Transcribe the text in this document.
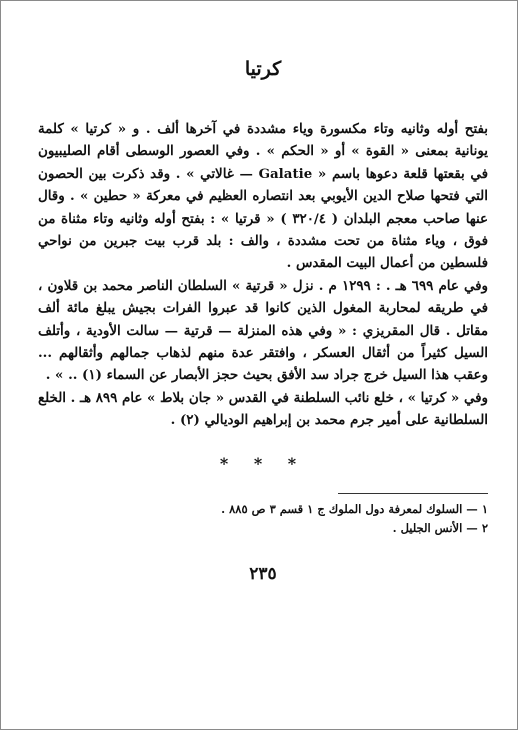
كرتيا

بفتح أوله وثانيه وتاء مكسورة وياء مشددة في آخرها ألف . و « كرتيا » كلمة يونانية بمعنى « القوة » أو « الحكم » . وفي العصور الوسطى أقام الصليبيون في بقعتها قلعة دعوها باسم « Galatie — غالاتي » . وقد ذكرت بين الحصون التي فتحها صلاح الدين الأيوبي بعد انتصاره العظيم في معركة « حطين » . وقال عنها صاحب معجم البلدان ( ٣٢٠/٤ ) « قرتيا » : بفتح أوله وثانيه وتاء مثناة من فوق ، وياء مثناة من تحت مشددة ، والف : بلد قرب بيت جبرين من نواحي فلسطين من أعمال البيت المقدس .

وفي عام ٦٩٩ هـ . : ١٢٩٩ م . نزل « قرتية » السلطان الناصر محمد بن قلاون ، في طريقه لمحاربة المغول الذين كانوا قد عبروا الفرات بجيش يبلغ مائة ألف مقاتل . قال المقريزي : « وفي هذه المنزلة — قرتية — سالت الأودية ، وأتلف السيل كثيراً من أثقال العسكر ، وافتقر عدة منهم لذهاب جمالهم وأثقالهم ... وعقب هذا السيل خرج جراد سد الأفق بحيث حجز الأبصار عن السماء (١) .. » .

وفي « كرتيا » ، خلع نائب السلطنة في القدس « جان بلاط » عام ٨٩٩ هـ . الخلع السلطانية على أمير جرم محمد بن إبراهيم الوديالي (٢) .

* * *
١ — السلوك لمعرفة دول الملوك ج ١ قسم ٣ ص ٨٨٥ .
٢ — الأنس الجليل .
٢٣٥
